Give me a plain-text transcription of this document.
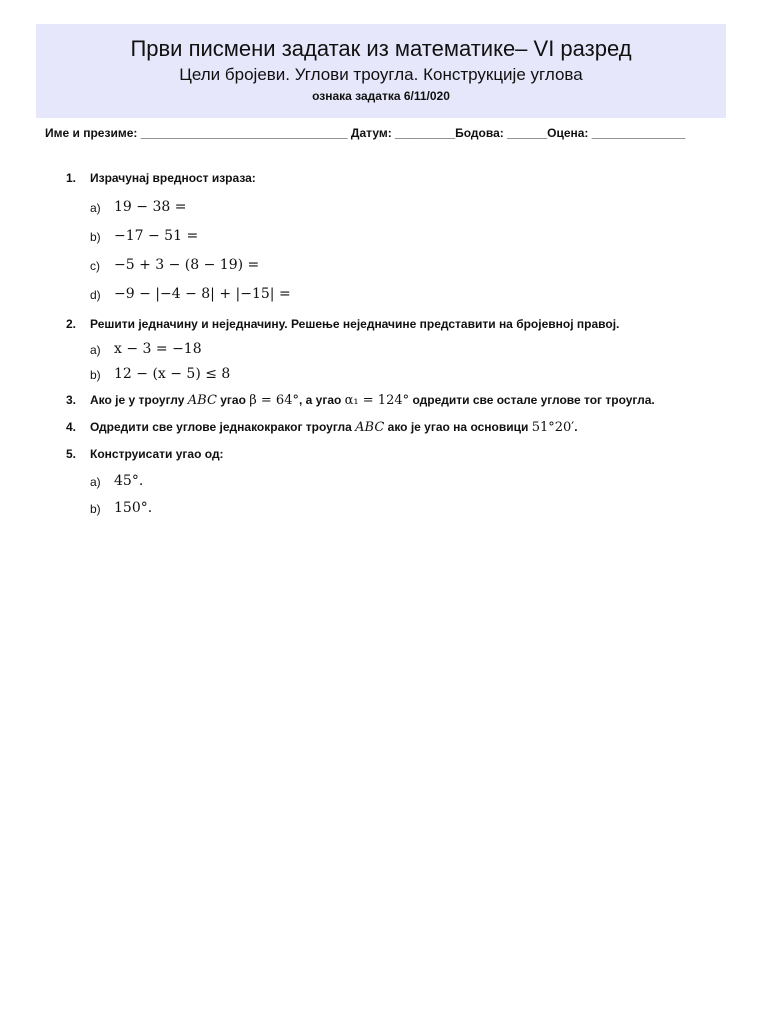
Први писмени задатак из математике– VI разред
Цели бројеви. Углови троугла. Конструкције углова
ознака задатка 6/11/020
Име и презиме: _______________________________ Датум: _________Бодова: ______Оцена: ______________
1.	Израчунај вредност израза:
a) 19 − 38 =
b) −17 − 51 =
c) −5 + 3 − (8 − 19) =
d) −9 − |−4 − 8| + |−15| =
2.	Решити једначину и неједначину. Решење неједначине представити на бројевној правој.
a) x − 3 = −18
b) 12 − (x − 5) ≤ 8
3.	Ако је у троуглу ABC угао β = 64°, а угао α₁ = 124° одредити све остале углове тог троугла.
4.	Одредити све углове једнакокраког троугла ABC ако је угао на основици 51°20′.
5.	Конструисати угао од:
a) 45°.
b) 150°.
